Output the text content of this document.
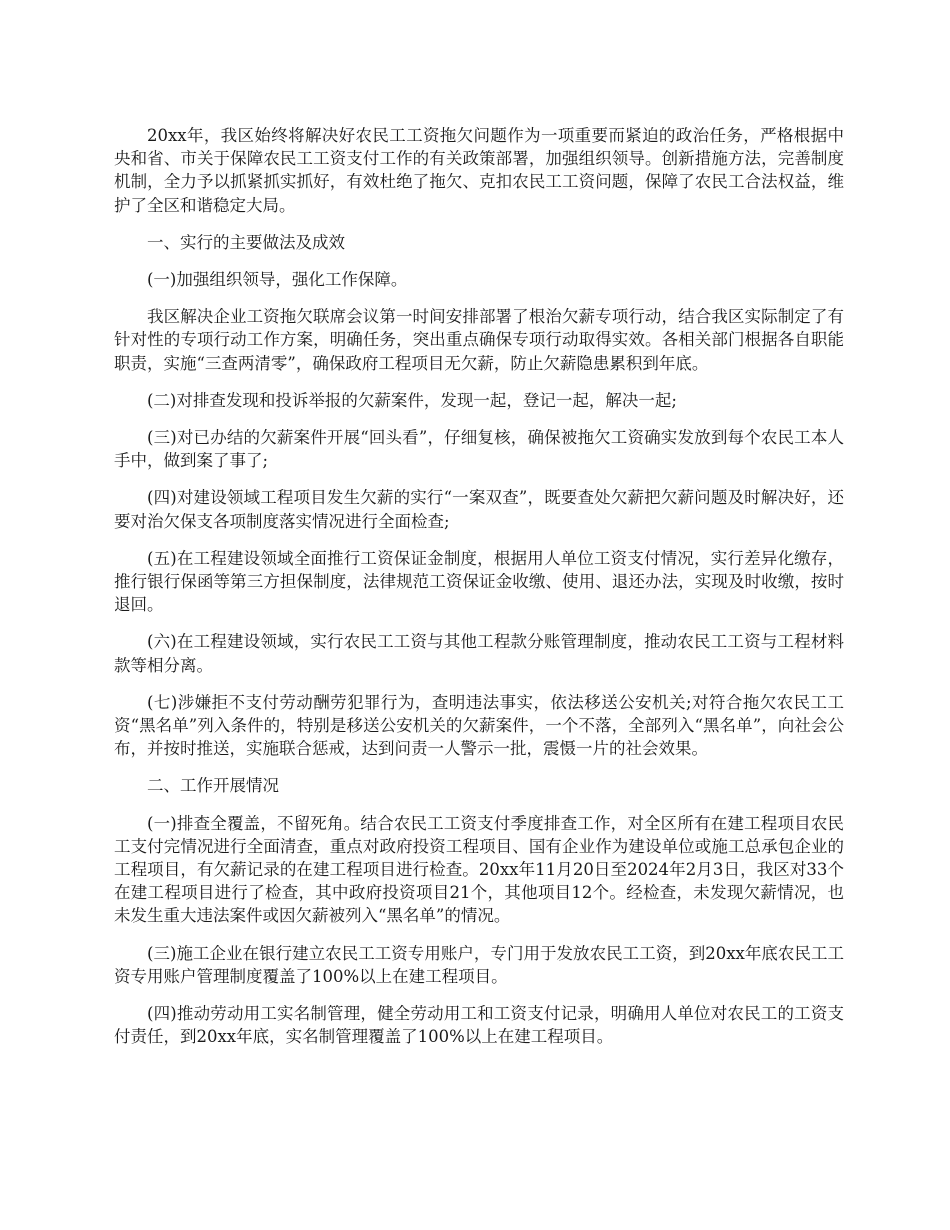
20xx年，我区始终将解决好农民工工资拖欠问题作为一项重要而紧迫的政治任务，严格根据中央和省、市关于保障农民工工资支付工作的有关政策部署，加强组织领导。创新措施方法，完善制度机制，全力予以抓紧抓实抓好，有效杜绝了拖欠、克扣农民工工资问题，保障了农民工合法权益，维护了全区和谐稳定大局。

一、实行的主要做法及成效

(一)加强组织领导，强化工作保障。

我区解决企业工资拖欠联席会议第一时间安排部署了根治欠薪专项行动，结合我区实际制定了有针对性的专项行动工作方案，明确任务，突出重点确保专项行动取得实效。各相关部门根据各自职能职责，实施“三查两清零”，确保政府工程项目无欠薪，防止欠薪隐患累积到年底。

(二)对排查发现和投诉举报的欠薪案件，发现一起，登记一起，解决一起;

(三)对已办结的欠薪案件开展“回头看”，仔细复核，确保被拖欠工资确实发放到每个农民工本人手中，做到案了事了;

(四)对建设领域工程项目发生欠薪的实行“一案双查”，既要查处欠薪把欠薪问题及时解决好，还要对治欠保支各项制度落实情况进行全面检查;

(五)在工程建设领域全面推行工资保证金制度，根据用人单位工资支付情况，实行差异化缴存，推行银行保函等第三方担保制度，法律规范工资保证金收缴、使用、退还办法，实现及时收缴，按时退回。

(六)在工程建设领域，实行农民工工资与其他工程款分账管理制度，推动农民工工资与工程材料款等相分离。

(七)涉嫌拒不支付劳动酬劳犯罪行为，查明违法事实，依法移送公安机关;对符合拖欠农民工工资“黑名单”列入条件的，特别是移送公安机关的欠薪案件，一个不落，全部列入“黑名单”，向社会公布，并按时推送，实施联合惩戒，达到问责一人警示一批，震慑一片的社会效果。

二、工作开展情况

(一)排查全覆盖，不留死角。结合农民工工资支付季度排查工作，对全区所有在建工程项目农民工支付完情况进行全面清查，重点对政府投资工程项目、国有企业作为建设单位或施工总承包企业的工程项目，有欠薪记录的在建工程项目进行检查。20xx年11月20日至2024年2月3日，我区对33个在建工程项目进行了检查，其中政府投资项目21个，其他项目12个。经检查，未发现欠薪情况，也未发生重大违法案件或因欠薪被列入“黑名单”的情况。

(三)施工企业在银行建立农民工工资专用账户，专门用于发放农民工工资，到20xx年底农民工工资专用账户管理制度覆盖了100%以上在建工程项目。

(四)推动劳动用工实名制管理，健全劳动用工和工资支付记录，明确用人单位对农民工的工资支付责任，到20xx年底，实名制管理覆盖了100%以上在建工程项目。
